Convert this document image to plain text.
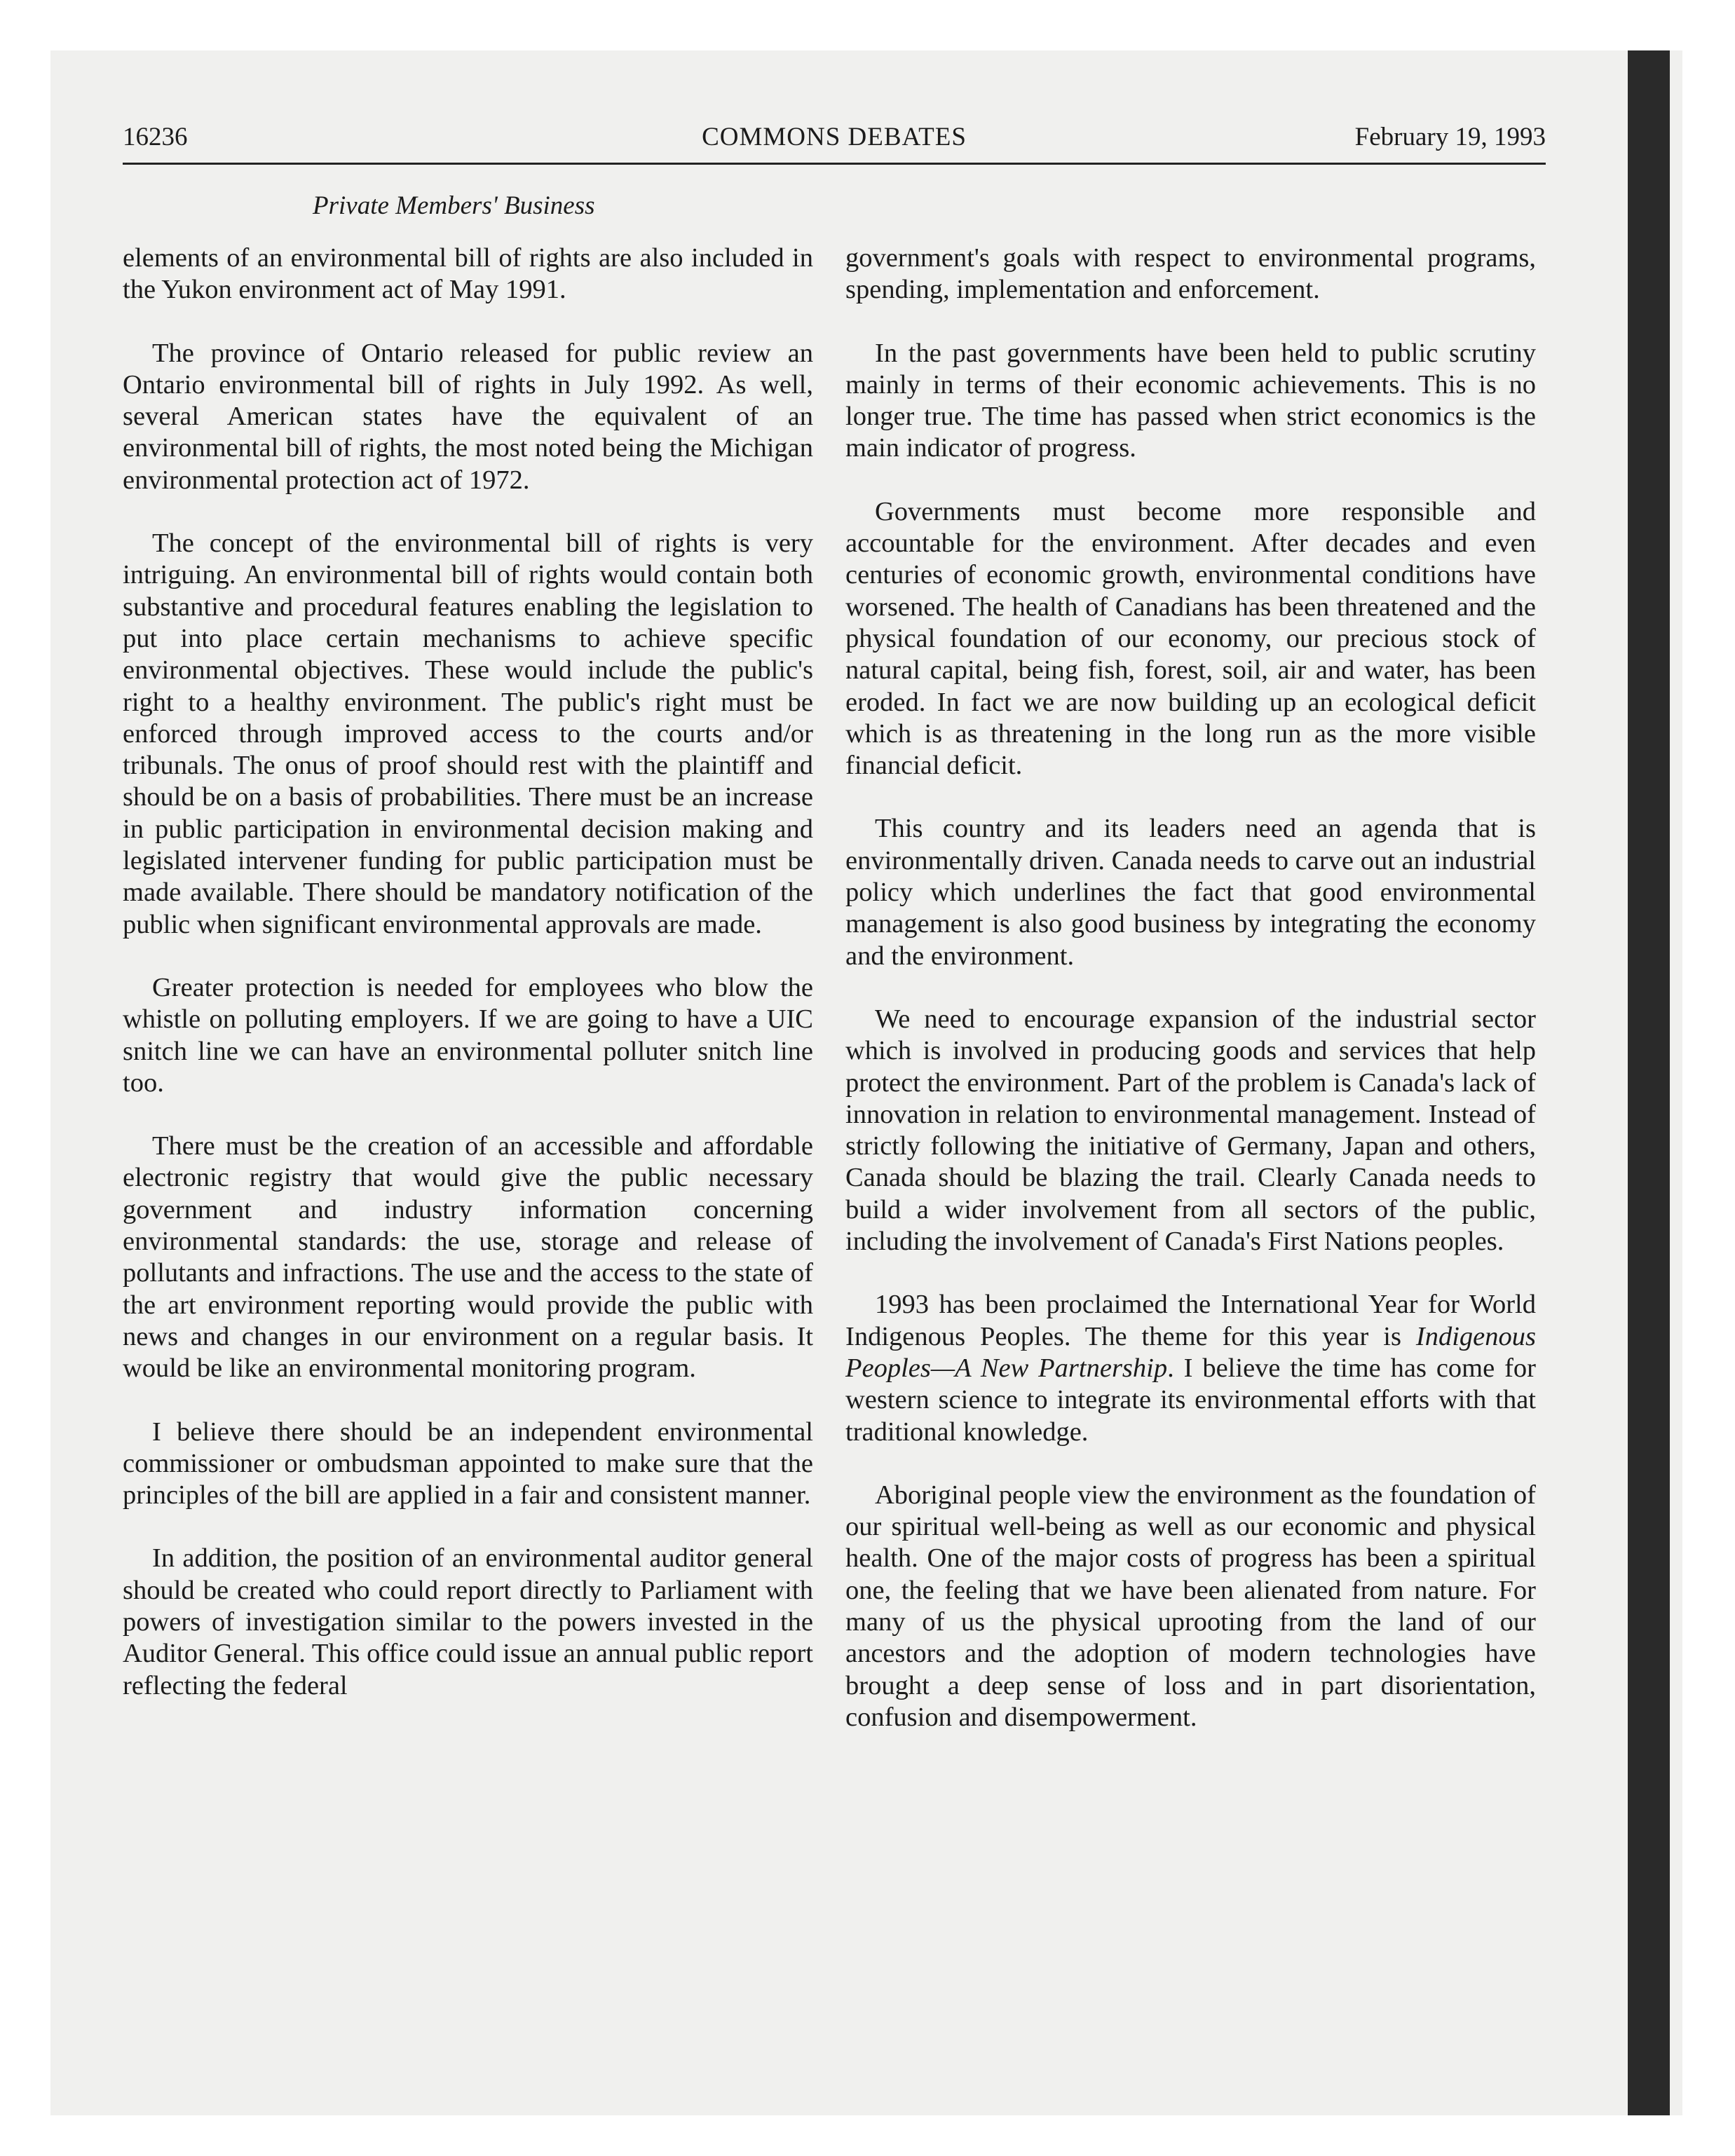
16236	COMMONS DEBATES	February 19, 1993
Private Members' Business

elements of an environmental bill of rights are also included in the Yukon environment act of May 1991.

The province of Ontario released for public review an Ontario environmental bill of rights in July 1992. As well, several American states have the equivalent of an environmental bill of rights, the most noted being the Michigan environmental protection act of 1972.

The concept of the environmental bill of rights is very intriguing. An environmental bill of rights would contain both substantive and procedural features enabling the legislation to put into place certain mechanisms to achieve specific environmental objectives. These would include the public's right to a healthy environment. The public's right must be enforced through improved access to the courts and/or tribunals. The onus of proof should rest with the plaintiff and should be on a basis of probabilities. There must be an increase in public participation in environmental decision making and legislated intervener funding for public participation must be made available. There should be mandatory notification of the public when significant environmental approvals are made.

Greater protection is needed for employees who blow the whistle on polluting employers. If we are going to have a UIC snitch line we can have an environmental polluter snitch line too.

There must be the creation of an accessible and affordable electronic registry that would give the public necessary government and industry information concerning environmental standards: the use, storage and release of pollutants and infractions. The use and the access to the state of the art environment reporting would provide the public with news and changes in our environment on a regular basis. It would be like an environmental monitoring program.

I believe there should be an independent environmental commissioner or ombudsman appointed to make sure that the principles of the bill are applied in a fair and consistent manner.

In addition, the position of an environmental auditor general should be created who could report directly to Parliament with powers of investigation similar to the powers invested in the Auditor General. This office could issue an annual public report reflecting the federal

government's goals with respect to environmental programs, spending, implementation and enforcement.

In the past governments have been held to public scrutiny mainly in terms of their economic achievements. This is no longer true. The time has passed when strict economics is the main indicator of progress.

Governments must become more responsible and accountable for the environment. After decades and even centuries of economic growth, environmental conditions have worsened. The health of Canadians has been threatened and the physical foundation of our economy, our precious stock of natural capital, being fish, forest, soil, air and water, has been eroded. In fact we are now building up an ecological deficit which is as threatening in the long run as the more visible financial deficit.

This country and its leaders need an agenda that is environmentally driven. Canada needs to carve out an industrial policy which underlines the fact that good environmental management is also good business by integrating the economy and the environment.

We need to encourage expansion of the industrial sector which is involved in producing goods and services that help protect the environment. Part of the problem is Canada's lack of innovation in relation to environmental management. Instead of strictly following the initiative of Germany, Japan and others, Canada should be blazing the trail. Clearly Canada needs to build a wider involvement from all sectors of the public, including the involvement of Canada's First Nations peoples.

1993 has been proclaimed the International Year for World Indigenous Peoples. The theme for this year is Indigenous Peoples—A New Partnership. I believe the time has come for western science to integrate its environmental efforts with that traditional knowledge.

Aboriginal people view the environment as the foundation of our spiritual well-being as well as our economic and physical health. One of the major costs of progress has been a spiritual one, the feeling that we have been alienated from nature. For many of us the physical uprooting from the land of our ancestors and the adoption of modern technologies have brought a deep sense of loss and in part disorientation, confusion and disempowerment.
